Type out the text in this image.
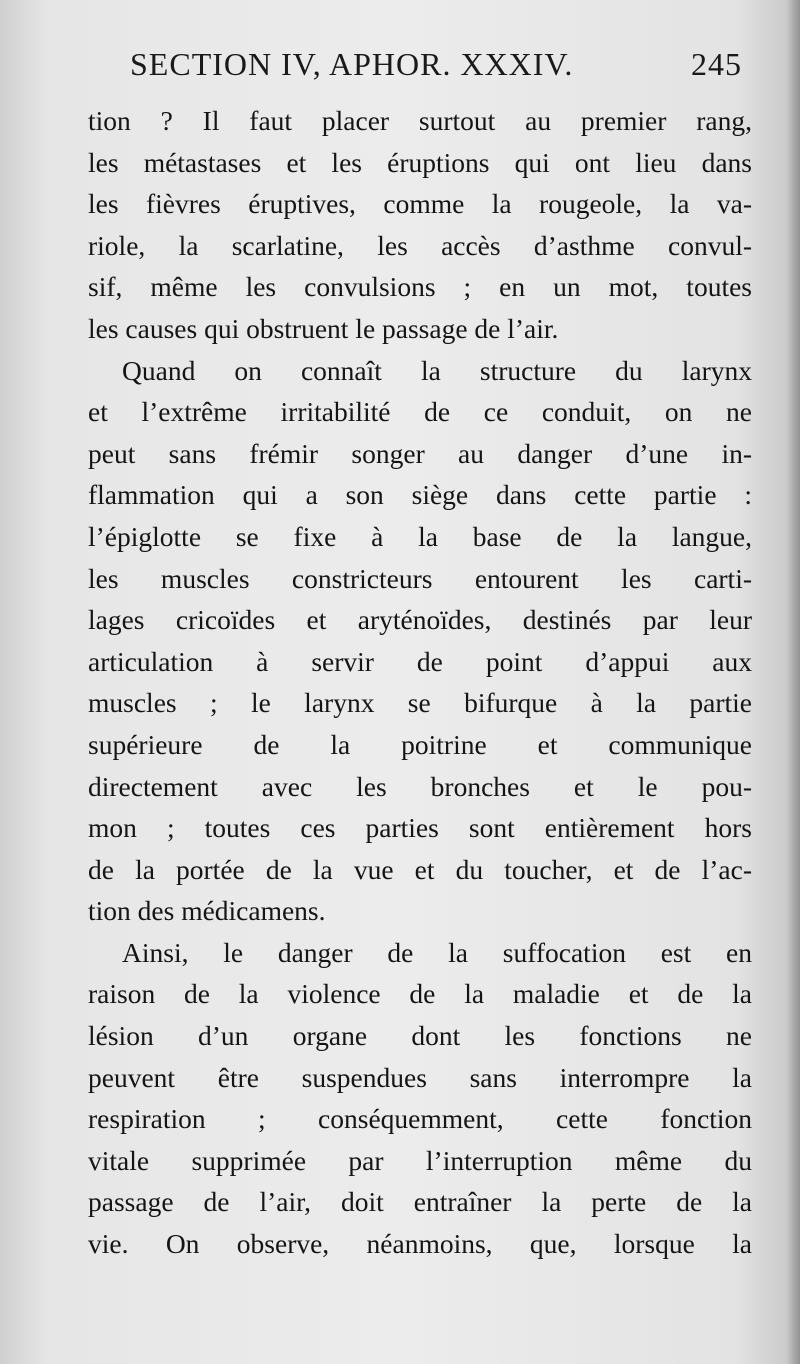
SECTION IV, APHOR. XXXIV.	245
tion ? Il faut placer surtout au premier rang,
les métastases et les éruptions qui ont lieu dans
les fièvres éruptives, comme la rougeole, la va-
riole, la scarlatine, les accès d’asthme convul-
sif, même les convulsions ; en un mot, toutes
les causes qui obstruent le passage de l’air.
Quand on connaît la structure du larynx
et l’extrême irritabilité de ce conduit, on ne
peut sans frémir songer au danger d’une in-
flammation qui a son siège dans cette partie :
l’épiglotte se fixe à la base de la langue,
les muscles constricteurs entourent les carti-
lages cricoïdes et aryténoïdes, destinés par leur
articulation à servir de point d’appui aux
muscles ; le larynx se bifurque à la partie
supérieure de la poitrine et communique
directement avec les bronches et le pou-
mon ; toutes ces parties sont entièrement hors
de la portée de la vue et du toucher, et de l’ac-
tion des médicamens.
Ainsi, le danger de la suffocation est en
raison de la violence de la maladie et de la
lésion d’un organe dont les fonctions ne
peuvent être suspendues sans interrompre la
respiration ; conséquemment, cette fonction
vitale supprimée par l’interruption même du
passage de l’air, doit entraîner la perte de la
vie. On observe, néanmoins, que, lorsque la
